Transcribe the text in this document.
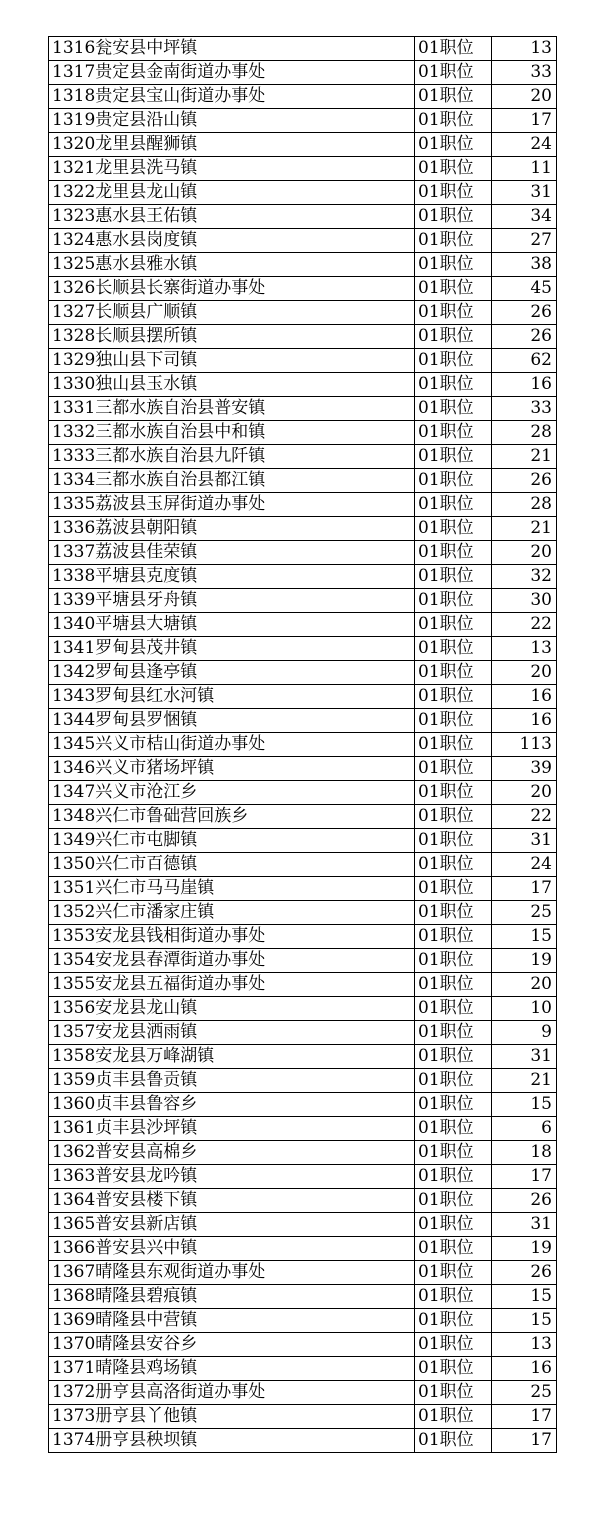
1316瓮安县中坪镇	01职位	13
1317贵定县金南街道办事处	01职位	33
1318贵定县宝山街道办事处	01职位	20
1319贵定县沿山镇	01职位	17
1320龙里县醒狮镇	01职位	24
1321龙里县洗马镇	01职位	11
1322龙里县龙山镇	01职位	31
1323惠水县王佑镇	01职位	34
1324惠水县岗度镇	01职位	27
1325惠水县雅水镇	01职位	38
1326长顺县长寨街道办事处	01职位	45
1327长顺县广顺镇	01职位	26
1328长顺县摆所镇	01职位	26
1329独山县下司镇	01职位	62
1330独山县玉水镇	01职位	16
1331三都水族自治县普安镇	01职位	33
1332三都水族自治县中和镇	01职位	28
1333三都水族自治县九阡镇	01职位	21
1334三都水族自治县都江镇	01职位	26
1335荔波县玉屏街道办事处	01职位	28
1336荔波县朝阳镇	01职位	21
1337荔波县佳荣镇	01职位	20
1338平塘县克度镇	01职位	32
1339平塘县牙舟镇	01职位	30
1340平塘县大塘镇	01职位	22
1341罗甸县茂井镇	01职位	13
1342罗甸县逢亭镇	01职位	20
1343罗甸县红水河镇	01职位	16
1344罗甸县罗悃镇	01职位	16
1345兴义市桔山街道办事处	01职位	113
1346兴义市猪场坪镇	01职位	39
1347兴义市沧江乡	01职位	20
1348兴仁市鲁础营回族乡	01职位	22
1349兴仁市屯脚镇	01职位	31
1350兴仁市百德镇	01职位	24
1351兴仁市马马崖镇	01职位	17
1352兴仁市潘家庄镇	01职位	25
1353安龙县钱相街道办事处	01职位	15
1354安龙县春潭街道办事处	01职位	19
1355安龙县五福街道办事处	01职位	20
1356安龙县龙山镇	01职位	10
1357安龙县洒雨镇	01职位	9
1358安龙县万峰湖镇	01职位	31
1359贞丰县鲁贡镇	01职位	21
1360贞丰县鲁容乡	01职位	15
1361贞丰县沙坪镇	01职位	6
1362普安县高棉乡	01职位	18
1363普安县龙吟镇	01职位	17
1364普安县楼下镇	01职位	26
1365普安县新店镇	01职位	31
1366普安县兴中镇	01职位	19
1367晴隆县东观街道办事处	01职位	26
1368晴隆县碧痕镇	01职位	15
1369晴隆县中营镇	01职位	15
1370晴隆县安谷乡	01职位	13
1371晴隆县鸡场镇	01职位	16
1372册亨县高洛街道办事处	01职位	25
1373册亨县丫他镇	01职位	17
1374册亨县秧坝镇	01职位	17
